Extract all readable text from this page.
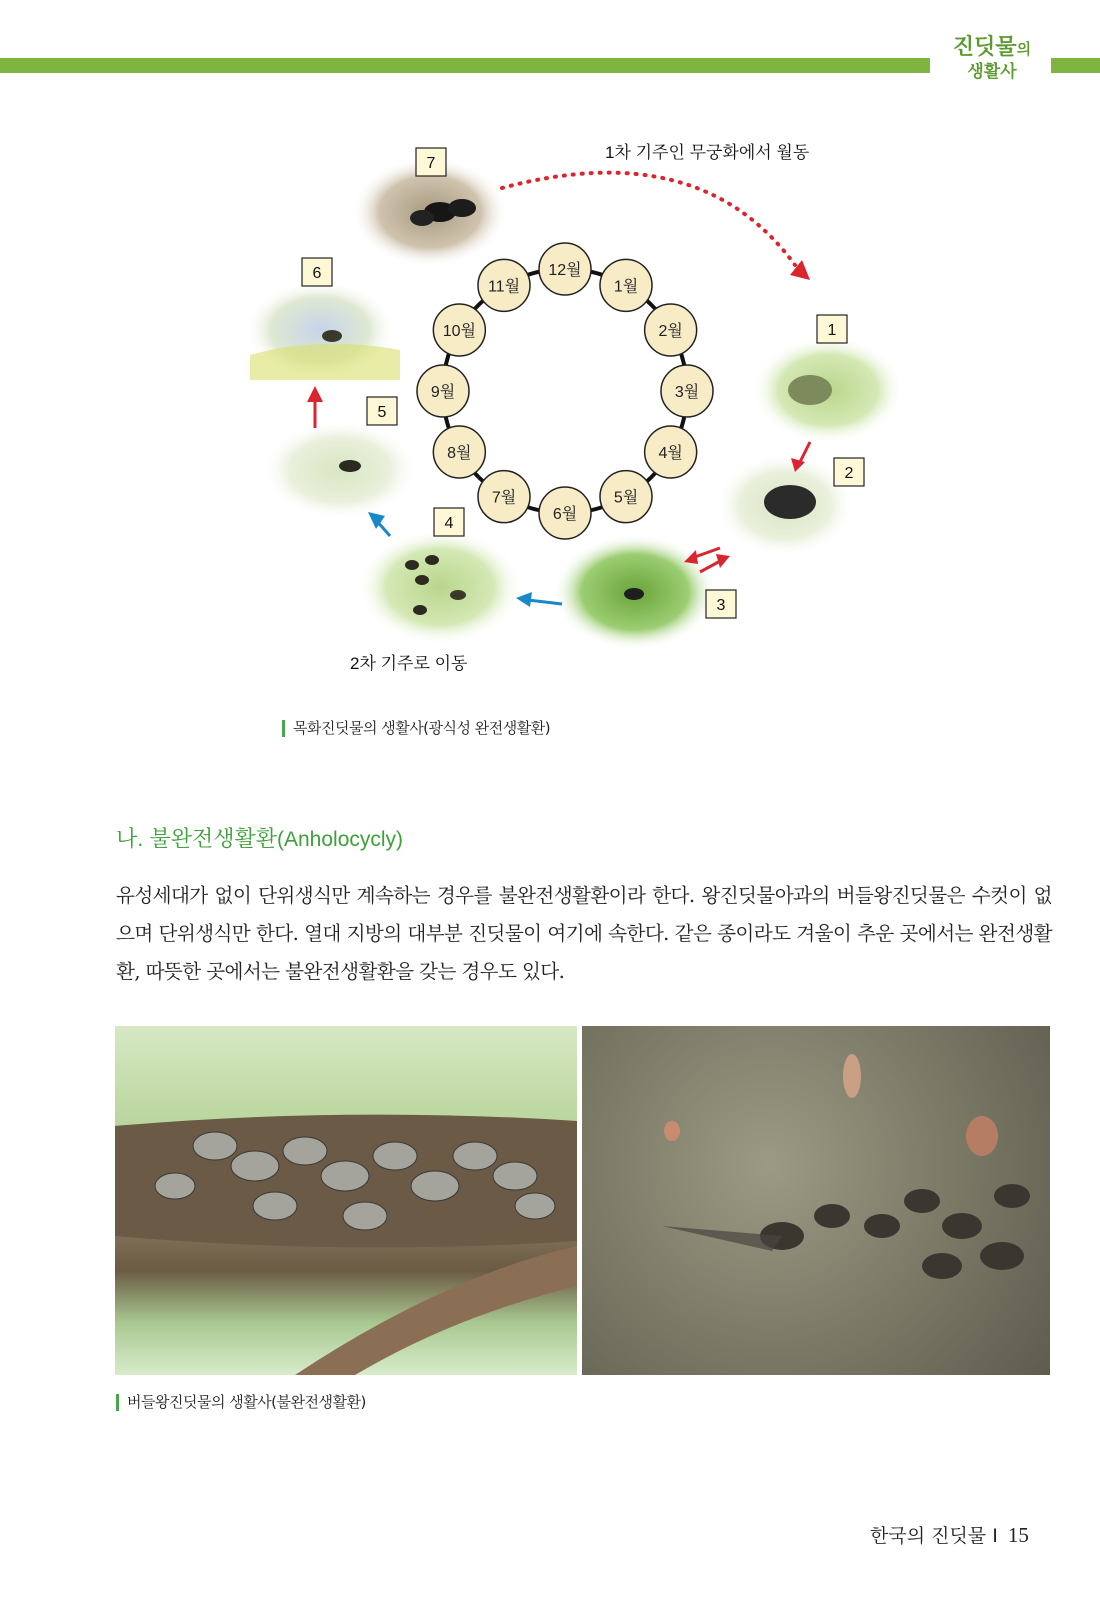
진딧물의
생활사
1월
2월
3월
4월
5월
6월
7월
8월
9월
10월
11월
12월
1
2
3
4
5
6
7
1차 기주인 무궁화에서 월동
2차 기주로 이동
목화진딧물의 생활사(광식성 완전생활환)
나. 불완전생활환(Anholocycly)
유성세대가 없이 단위생식만 계속하는 경우를 불완전생활환이라 한다. 왕진딧물아과의 버들왕진딧물은 수컷이 없으며 단위생식만 한다. 열대 지방의 대부분 진딧물이 여기에 속한다. 같은 종이라도 겨울이 추운 곳에서는 완전생활환, 따뜻한 곳에서는 불완전생활환을 갖는 경우도 있다.
버들왕진딧물의 생활사(불완전생활환)
한국의 진딧물 I 15
